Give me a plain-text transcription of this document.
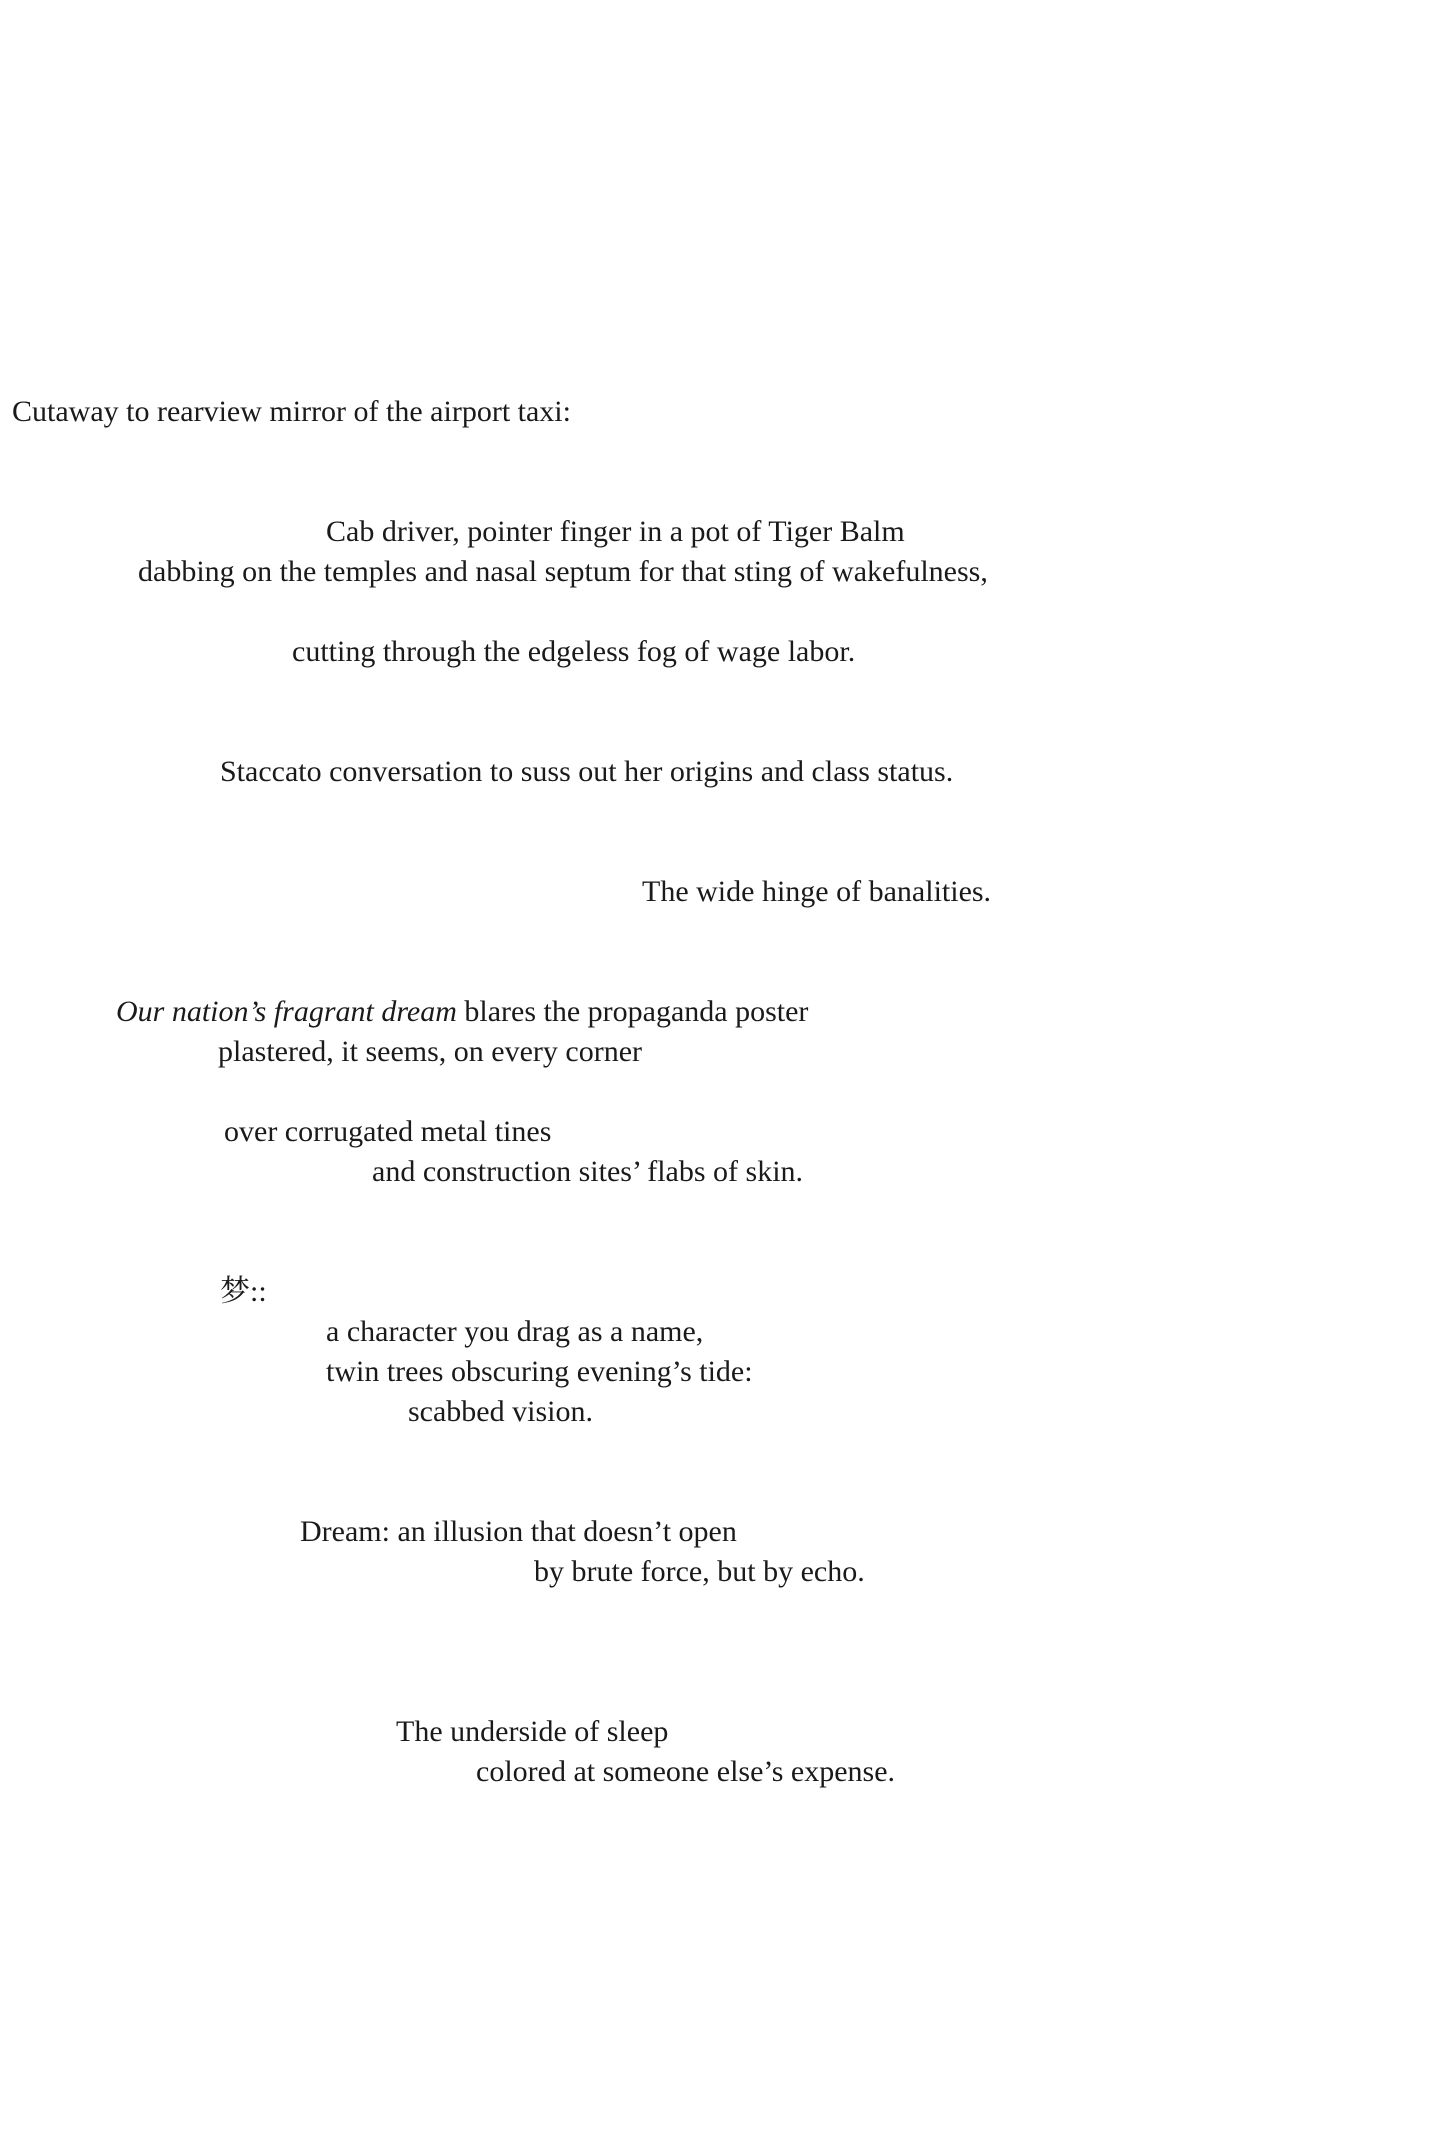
Cutaway to rearview mirror of the airport taxi:

Cab driver, pointer finger in a pot of Tiger Balm

dabbing on the temples and nasal septum for that sting of wakefulness,

cutting through the edgeless fog of wage labor.

Staccato conversation to suss out her origins and class status.

The wide hinge of banalities.

Our nation’s fragrant dream blares the propaganda poster

plastered, it seems, on every corner

over corrugated metal tines

and construction sites’ flabs of skin.

梦::

a character you drag as a name,

twin trees obscuring evening’s tide:

scabbed vision.

Dream: an illusion that doesn’t open

by brute force, but by echo.

The underside of sleep

colored at someone else’s expense.
